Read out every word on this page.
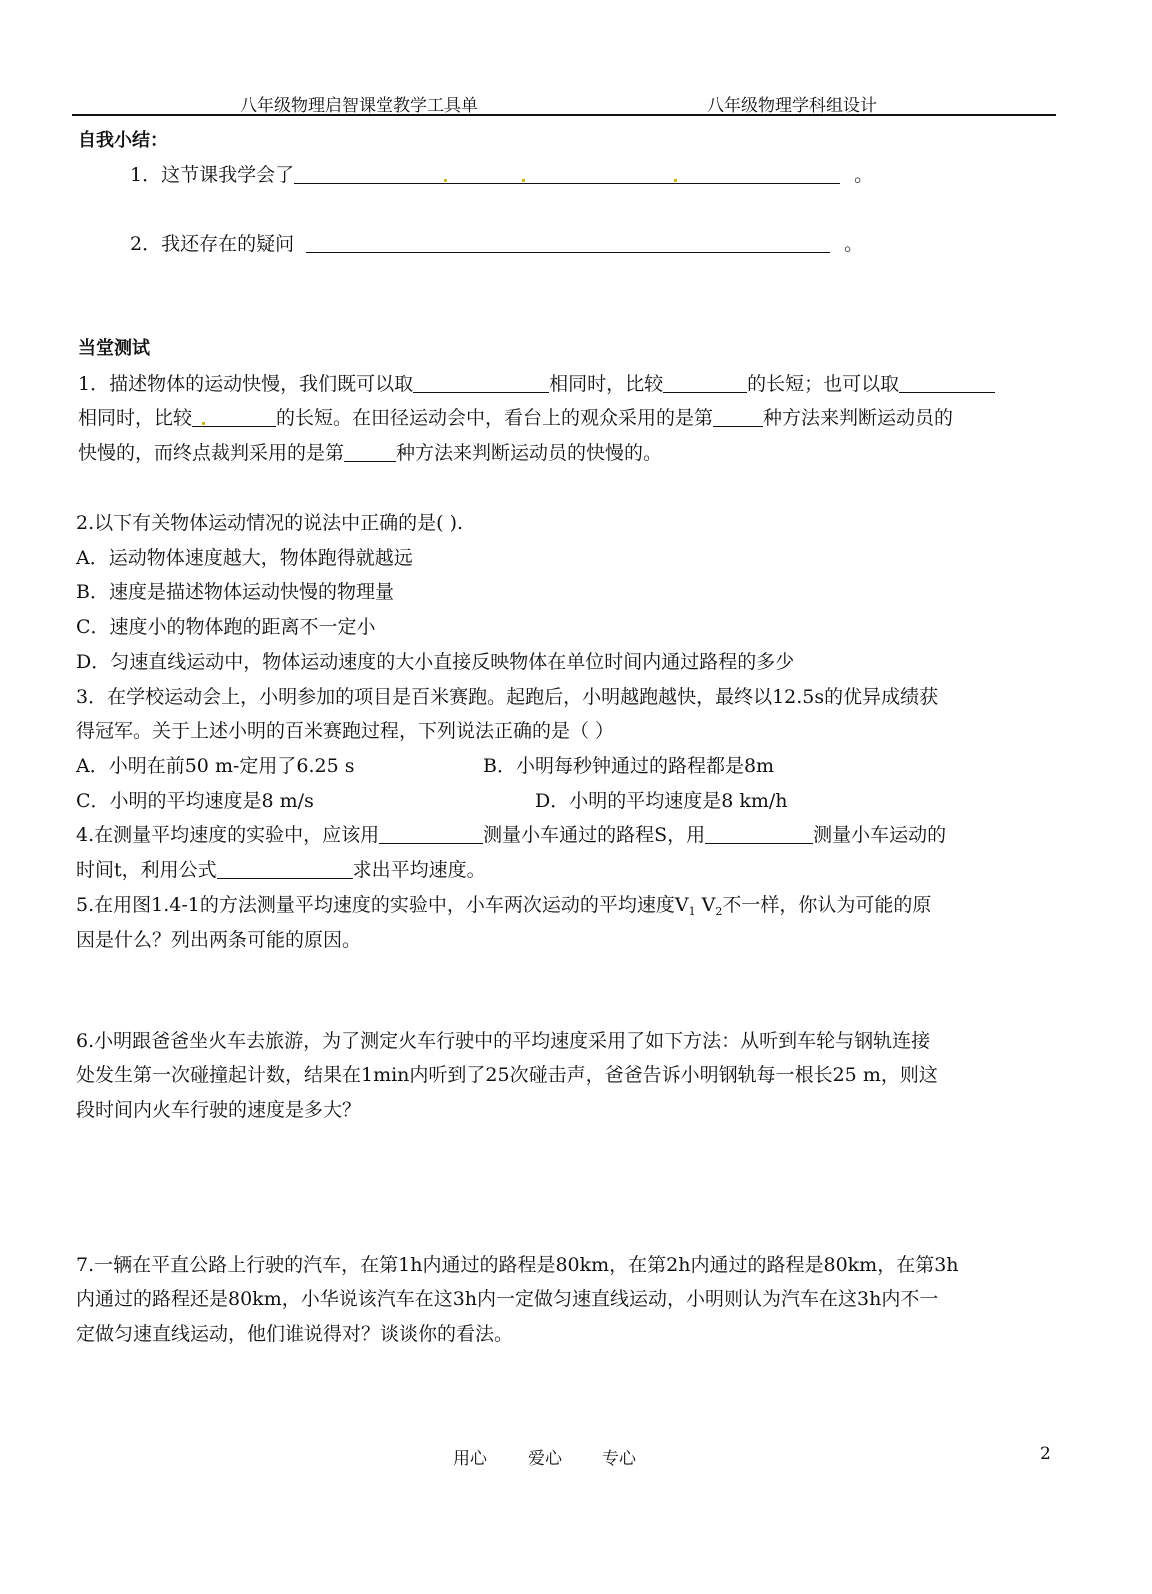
八年级物理启智课堂教学工具单	八年级物理学科组设计
自我小结：
1．这节课我学会了	。
2．我还存在的疑问	。
当堂测试
1．描述物体的运动快慢，我们既可以取	相同时，比较	的长短；也可以取
相同时，比较	的长短。在田径运动会中，看台上的观众采用的是第	种方法来判断运动员的
快慢的，而终点裁判采用的是第	种方法来判断运动员的快慢的。
2.以下有关物体运动情况的说法中正确的是( ).
A．运动物体速度越大，物体跑得就越远
B．速度是描述物体运动快慢的物理量
C．速度小的物体跑的距离不一定小
D．匀速直线运动中，物体运动速度的大小直接反映物体在单位时间内通过路程的多少
3．在学校运动会上，小明参加的项目是百米赛跑。起跑后，小明越跑越快，最终以12.5s的优异成绩获
得冠军。关于上述小明的百米赛跑过程，下列说法正确的是（ ）
A．小明在前50 m-定用了6.25 s	B．小明每秒钟通过的路程都是8m
C．小明的平均速度是8 m/s	D．小明的平均速度是8 km/h
4.在测量平均速度的实验中，应该用	测量小车通过的路程S，用	测量小车运动的
时间t，利用公式	求出平均速度。
5.在用图1.4-1的方法测量平均速度的实验中，小车两次运动的平均速度$V_1$ $V_2$不一样，你认为可能的原
因是什么？列出两条可能的原因。
6.小明跟爸爸坐火车去旅游，为了测定火车行驶中的平均速度采用了如下方法：从听到车轮与钢轨连接
处发生第一次碰撞起计数，结果在1min内听到了25次碰击声，爸爸告诉小明钢轨每一根长25 m，则这
段时间内火车行驶的速度是多大？
7.一辆在平直公路上行驶的汽车，在第1h内通过的路程是80km，在第2h内通过的路程是80km，在第3h
内通过的路程还是80km，小华说该汽车在这3h内一定做匀速直线运动，小明则认为汽车在这3h内不一
定做匀速直线运动，他们谁说得对？谈谈你的看法。
用心 爱心 专心	2
